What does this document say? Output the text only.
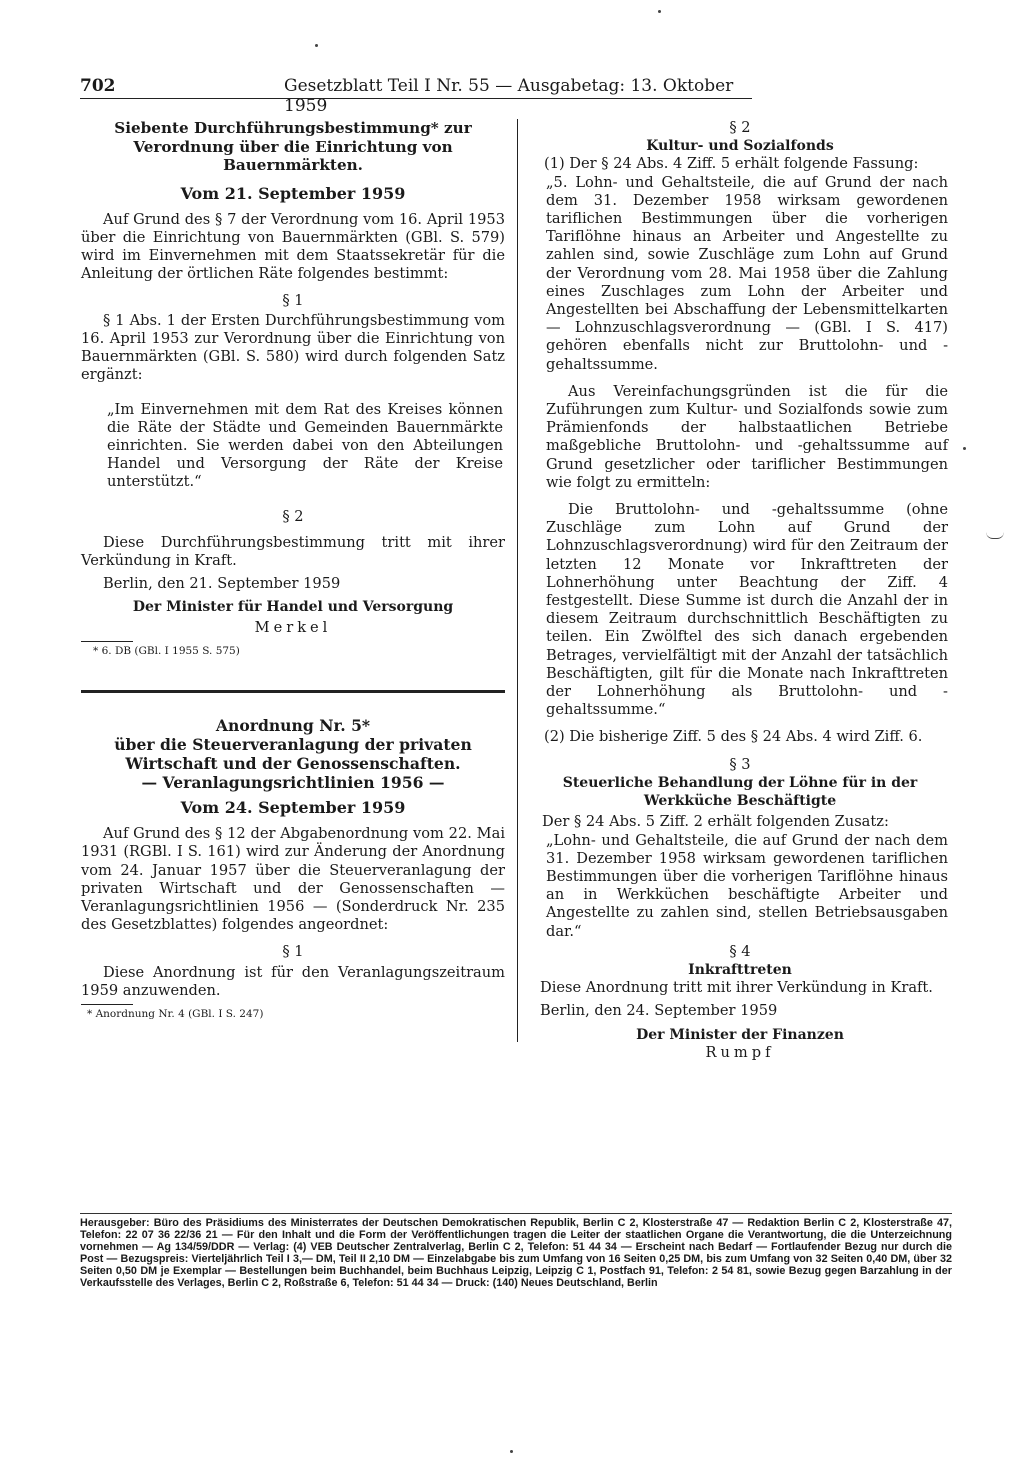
702	Gesetzblatt Teil I Nr. 55 — Ausgabetag: 13. Oktober 1959

Siebente Durchführungsbestimmung* zur Verordnung über die Einrichtung von Bauernmärkten.

Vom 21. September 1959

Auf Grund des § 7 der Verordnung vom 16. April 1953 über die Einrichtung von Bauernmärkten (GBl. S. 579) wird im Einvernehmen mit dem Staatssekretär für die Anleitung der örtlichen Räte folgendes bestimmt:

§ 1

§ 1 Abs. 1 der Ersten Durchführungsbestimmung vom 16. April 1953 zur Verordnung über die Einrichtung von Bauernmärkten (GBl. S. 580) wird durch folgenden Satz ergänzt:

„Im Einvernehmen mit dem Rat des Kreises können die Räte der Städte und Gemeinden Bauernmärkte einrichten. Sie werden dabei von den Abteilungen Handel und Versorgung der Räte der Kreise unterstützt.“

§ 2

Diese Durchführungsbestimmung tritt mit ihrer Verkündung in Kraft.

Berlin, den 21. September 1959

Der Minister für Handel und Versorgung

Merkel

* 6. DB (GBl. I 1955 S. 575)

Anordnung Nr. 5*

über die Steuerveranlagung der privaten Wirtschaft und der Genossenschaften.

— Veranlagungsrichtlinien 1956 —

Vom 24. September 1959

Auf Grund des § 12 der Abgabenordnung vom 22. Mai 1931 (RGBl. I S. 161) wird zur Änderung der Anordnung vom 24. Januar 1957 über die Steuerveranlagung der privaten Wirtschaft und der Genossenschaften — Veranlagungsrichtlinien 1956 — (Sonderdruck Nr. 235 des Gesetzblattes) folgendes angeordnet:

§ 1

Diese Anordnung ist für den Veranlagungszeitraum 1959 anzuwenden.

* Anordnung Nr. 4 (GBl. I S. 247)

§ 2

Kultur- und Sozialfonds

(1) Der § 24 Abs. 4 Ziff. 5 erhält folgende Fassung:

„5. Lohn- und Gehaltsteile, die auf Grund der nach dem 31. Dezember 1958 wirksam gewordenen tariflichen Bestimmungen über die vorherigen Tariflöhne hinaus an Arbeiter und Angestellte zu zahlen sind, sowie Zuschläge zum Lohn auf Grund der Verordnung vom 28. Mai 1958 über die Zahlung eines Zuschlages zum Lohn der Arbeiter und Angestellten bei Abschaffung der Lebensmittelkarten — Lohnzuschlagsverordnung — (GBl. I S. 417) gehören ebenfalls nicht zur Bruttolohn- und -gehaltssumme.

Aus Vereinfachungsgründen ist die für die Zuführungen zum Kultur- und Sozialfonds sowie zum Prämienfonds der halbstaatlichen Betriebe maßgebliche Bruttolohn- und -gehaltssumme auf Grund gesetzlicher oder tariflicher Bestimmungen wie folgt zu ermitteln:

Die Bruttolohn- und -gehaltssumme (ohne Zuschläge zum Lohn auf Grund der Lohnzuschlagsverordnung) wird für den Zeitraum der letzten 12 Monate vor Inkrafttreten der Lohnerhöhung unter Beachtung der Ziff. 4 festgestellt. Diese Summe ist durch die Anzahl der in diesem Zeitraum durchschnittlich Beschäftigten zu teilen. Ein Zwölftel des sich danach ergebenden Betrages, vervielfältigt mit der Anzahl der tatsächlich Beschäftigten, gilt für die Monate nach Inkrafttreten der Lohnerhöhung als Bruttolohn- und -gehaltssumme.“

(2) Die bisherige Ziff. 5 des § 24 Abs. 4 wird Ziff. 6.

§ 3

Steuerliche Behandlung der Löhne für in der Werkküche Beschäftigte

Der § 24 Abs. 5 Ziff. 2 erhält folgenden Zusatz:

„Lohn- und Gehaltsteile, die auf Grund der nach dem 31. Dezember 1958 wirksam gewordenen tariflichen Bestimmungen über die vorherigen Tariflöhne hinaus an in Werkküchen beschäftigte Arbeiter und Angestellte zu zahlen sind, stellen Betriebsausgaben dar.“

§ 4

Inkrafttreten

Diese Anordnung tritt mit ihrer Verkündung in Kraft.

Berlin, den 24. September 1959

Der Minister der Finanzen

Rumpf

Herausgeber: Büro des Präsidiums des Ministerrates der Deutschen Demokratischen Republik, Berlin C 2, Klosterstraße 47 — Redaktion Berlin C 2, Klosterstraße 47, Telefon: 22 07 36 22/36 21 — Für den Inhalt und die Form der Veröffentlichungen tragen die Leiter der staatlichen Organe die Verantwortung, die die Unterzeichnung vornehmen — Ag 134/59/DDR — Verlag: (4) VEB Deutscher Zentralverlag, Berlin C 2, Telefon: 51 44 34 — Erscheint nach Bedarf — Fortlaufender Bezug nur durch die Post — Bezugspreis: Vierteljährlich Teil I 3,— DM, Teil II 2,10 DM — Einzelabgabe bis zum Umfang von 16 Seiten 0,25 DM, bis zum Umfang von 32 Seiten 0,40 DM, über 32 Seiten 0,50 DM je Exemplar — Bestellungen beim Buchhandel, beim Buchhaus Leipzig, Leipzig C 1, Postfach 91, Telefon: 2 54 81, sowie Bezug gegen Barzahlung in der Verkaufsstelle des Verlages, Berlin C 2, Roßstraße 6, Telefon: 51 44 34 — Druck: (140) Neues Deutschland, Berlin
